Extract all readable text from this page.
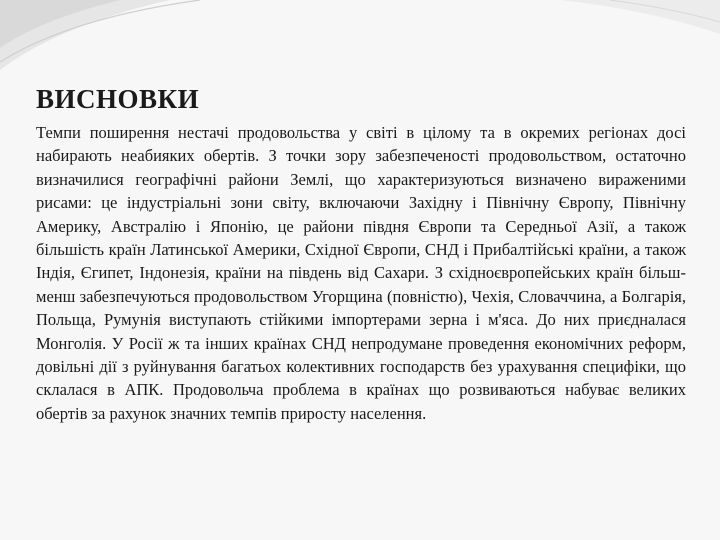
ВИСНОВКИ

Темпи поширення нестачі продовольства у світі в цілому та в окремих регіонах досі набирають неабияких обертів. З точки зору забезпеченості продовольством, остаточно визначилися географічні райони Землі, що характеризуються визначено вираженими рисами: це індустріальні зони світу, включаючи Західну і Північну Європу, Північну Америку, Австралію і Японію, це райони півдня Європи та Середньої Азії, а також більшість країн Латинської Америки, Східної Європи, СНД і Прибалтійські країни, а також Індія, Єгипет, Індонезія, країни на південь від Сахари. З східноєвропейських країн більш-менш забезпечуються продовольством Угорщина (повністю), Чехія, Словаччина, а Болгарія, Польща, Румунія виступають стійкими імпортерами зерна і м'яса. До них приєдналася Монголія. У Росії ж та інших країнах СНД непродумане проведення економічних реформ, довільні дії з руйнування багатьох колективних господарств без урахування специфіки, що склалася в АПК. Продовольча проблема в країнах що розвиваються набуває великих обертів за рахунок значних темпів приросту населення.
